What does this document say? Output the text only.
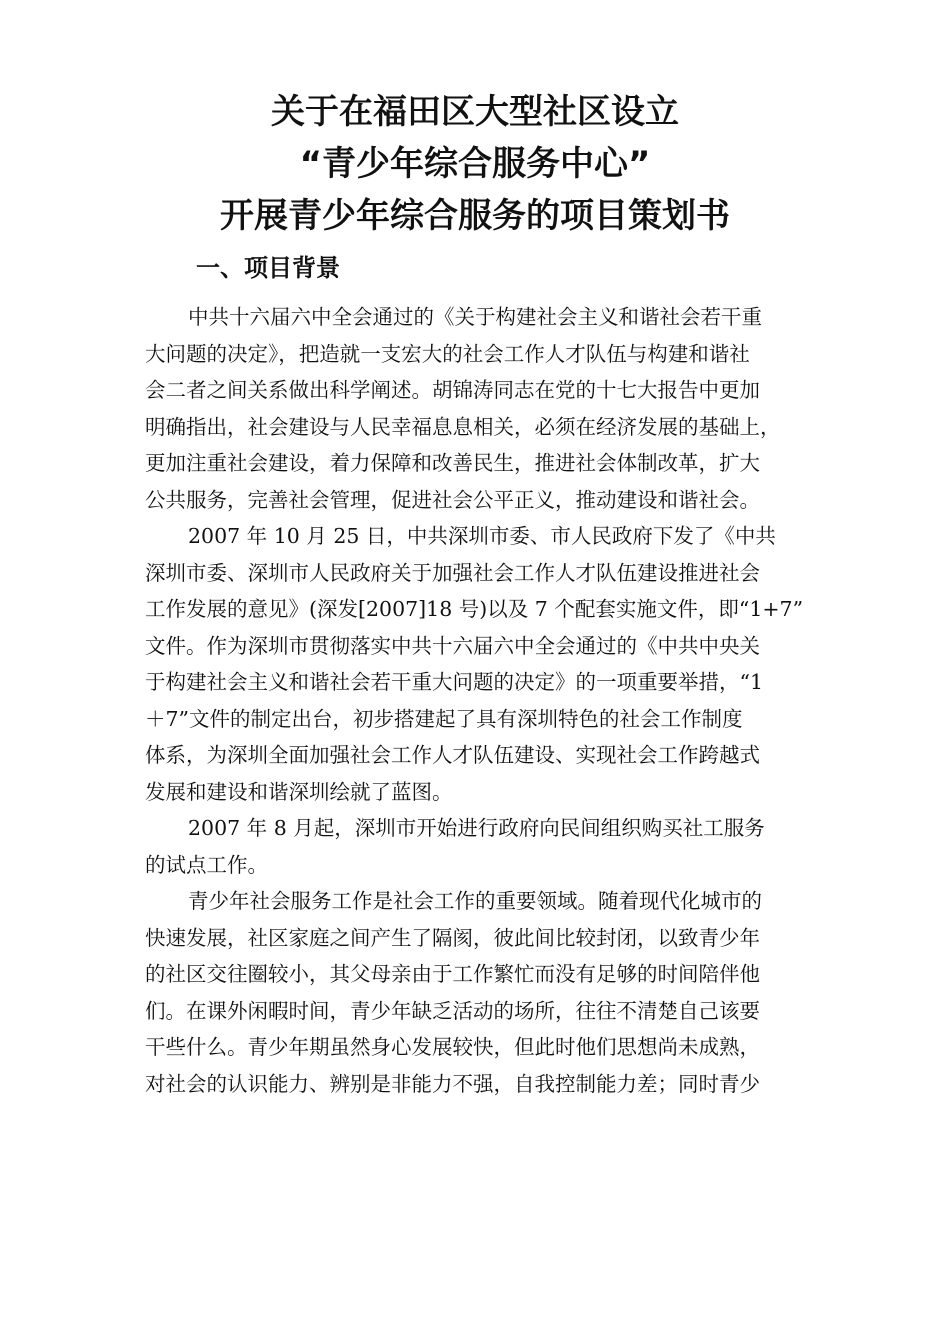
关于在福田区大型社区设立
“青少年综合服务中心”
开展青少年综合服务的项目策划书
一、项目背景
中共十六届六中全会通过的《关于构建社会主义和谐社会若干重
大问题的决定》，把造就一支宏大的社会工作人才队伍与构建和谐社
会二者之间关系做出科学阐述。胡锦涛同志在党的十七大报告中更加
明确指出，社会建设与人民幸福息息相关，必须在经济发展的基础上，
更加注重社会建设，着力保障和改善民生，推进社会体制改革，扩大
公共服务，完善社会管理，促进社会公平正义，推动建设和谐社会。
2007 年 10 月 25 日，中共深圳市委、市人民政府下发了《中共
深圳市委、深圳市人民政府关于加强社会工作人才队伍建设推进社会
工作发展的意见》(深发[2007]18 号)以及 7 个配套实施文件，即“1+7”
文件。作为深圳市贯彻落实中共十六届六中全会通过的《中共中央关
于构建社会主义和谐社会若干重大问题的决定》的一项重要举措，“1
＋7”文件的制定出台，初步搭建起了具有深圳特色的社会工作制度
体系，为深圳全面加强社会工作人才队伍建设、实现社会工作跨越式
发展和建设和谐深圳绘就了蓝图。
2007 年 8 月起，深圳市开始进行政府向民间组织购买社工服务
的试点工作。
青少年社会服务工作是社会工作的重要领域。随着现代化城市的
快速发展，社区家庭之间产生了隔阂，彼此间比较封闭，以致青少年
的社区交往圈较小，其父母亲由于工作繁忙而没有足够的时间陪伴他
们。在课外闲暇时间，青少年缺乏活动的场所，往往不清楚自己该要
干些什么。青少年期虽然身心发展较快，但此时他们思想尚未成熟，
对社会的认识能力、辨别是非能力不强，自我控制能力差；同时青少
